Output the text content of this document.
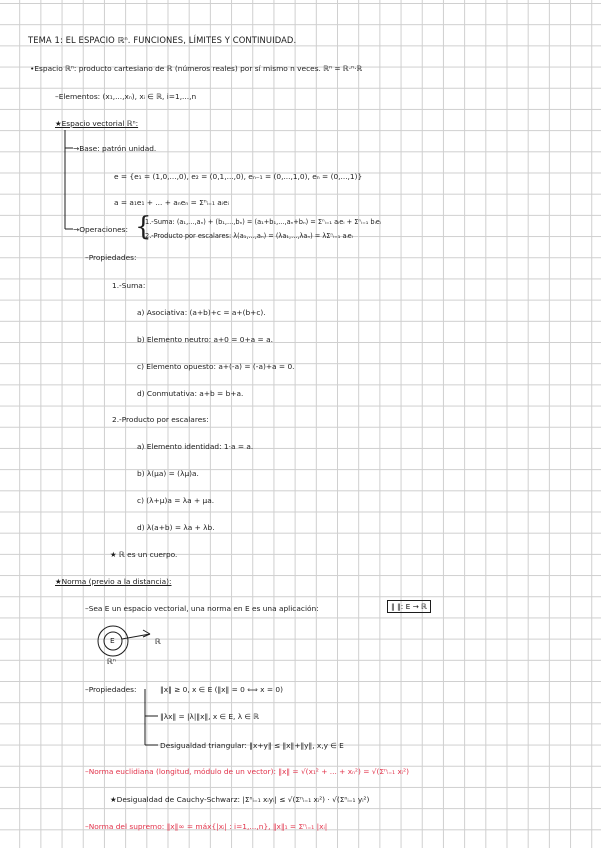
TEMA 1: EL ESPACIO ℝⁿ. FUNCIONES, LÍMITES Y CONTINUIDAD.
•Espacio ℝⁿ: producto cartesiano de ℝ (números reales) por sí mismo n veces. ℝⁿ = ℝ·ⁿ·ℝ
–Elementos: (x₁,...,xₙ), xᵢ ∈ ℝ, i=1,...,n
★Espacio vectorial ℝⁿ:
→Base: patrón unidad.
e = {e₁ = (1,0,...,0), e₂ = (0,1,...,0), eₙ₋₁ = (0,...,1,0), eₙ = (0,...,1)}
a = a₁e₁ + ... + aₙeₙ = Σⁿᵢ₌₁ aᵢeᵢ
→Operaciones: {
1.-Suma: (a₁,...,aₙ) + (b₁,...,bₙ) = (a₁+b₁,...,aₙ+bₙ) = Σⁿᵢ₌₁ aᵢeᵢ + Σⁿᵢ₌₁ bᵢeᵢ
2.-Producto por escalares: λ(a₁,...,aₙ) = (λa₁,...,λaₙ) = λΣⁿᵢ₌₁ aᵢeᵢ
–Propiedades:
1.-Suma:
a) Asociativa: (a+b)+c = a+(b+c).
b) Elemento neutro: a+0 = 0+a = a.
c) Elemento opuesto: a+(-a) = (-a)+a = 0.
d) Conmutativa: a+b = b+a.
2.-Producto por escalares:
a) Elemento identidad: 1·a = a.
b) λ(μa) = (λμ)a.
c) (λ+μ)a = λa + μa.
d) λ(a+b) = λa + λb.
★ ℝ es un cuerpo.
★Norma (previo a la distancia):
–Sea E un espacio vectorial, una norma en E es una aplicación:	‖ ‖: E → ℝ
E	ℝ
ℝⁿ
–Propiedades:	‖x‖ ≥ 0, x ∈ E (‖x‖ = 0 ⟺ x = 0)
‖λx‖ = |λ|‖x‖, x ∈ E, λ ∈ ℝ
Desigualdad triangular: ‖x+y‖ ≤ ‖x‖+‖y‖, x,y ∈ E
–Norma euclidiana (longitud, módulo de un vector): ‖x‖ = √(x₁² + ... + xₙ²) = √(Σⁿᵢ₌₁ xᵢ²)
★Desigualdad de Cauchy-Schwarz: |Σⁿᵢ₌₁ xᵢyᵢ| ≤ √(Σⁿᵢ₌₁ xᵢ²) · √(Σⁿᵢ₌₁ yᵢ²)
–Norma del supremo: ‖x‖∞ = máx{|xᵢ| : i=1,...,n}, ‖x‖₁ = Σⁿᵢ₌₁ |xᵢ|
